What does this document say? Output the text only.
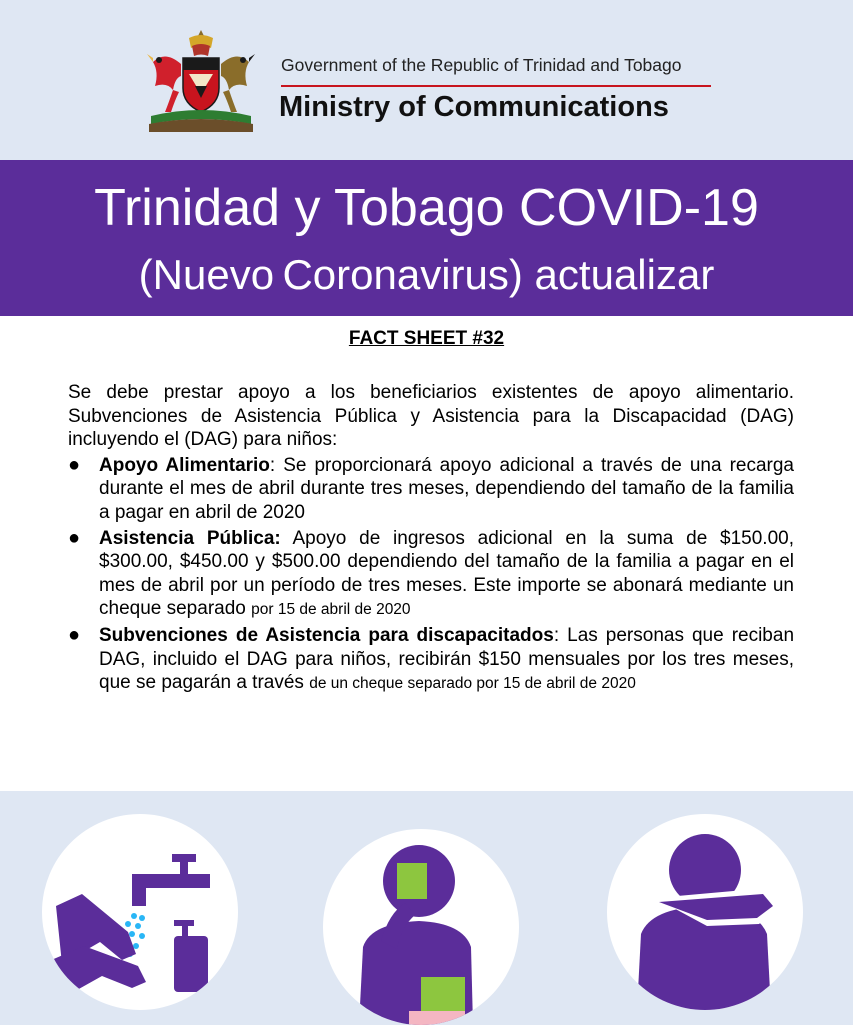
Government of the Republic of Trinidad and Tobago
Ministry of Communications
Trinidad y Tobago COVID-19
(Nuevo Coronavirus) actualizar
FACT SHEET #32

Se debe prestar apoyo a los beneficiarios existentes de apoyo alimentario. Subvenciones de Asistencia Pública y Asistencia para la Discapacidad (DAG) incluyendo el (DAG) para niños:

● Apoyo Alimentario: Se proporcionará apoyo adicional a través de una recarga durante el mes de abril durante tres meses, dependiendo del tamaño de la familia a pagar en abril de 2020
● Asistencia Pública: Apoyo de ingresos adicional en la suma de $150.00, $300.00, $450.00 y $500.00 dependiendo del tamaño de la familia a pagar en el mes de abril por un período de tres meses. Este importe se abonará mediante un cheque separado por 15 de abril de 2020
● Subvenciones de Asistencia para discapacitados: Las personas que reciban DAG, incluido el DAG para niños, recibirán $150 mensuales por los tres meses, que se pagarán a través de un cheque separado por 15 de abril de 2020
